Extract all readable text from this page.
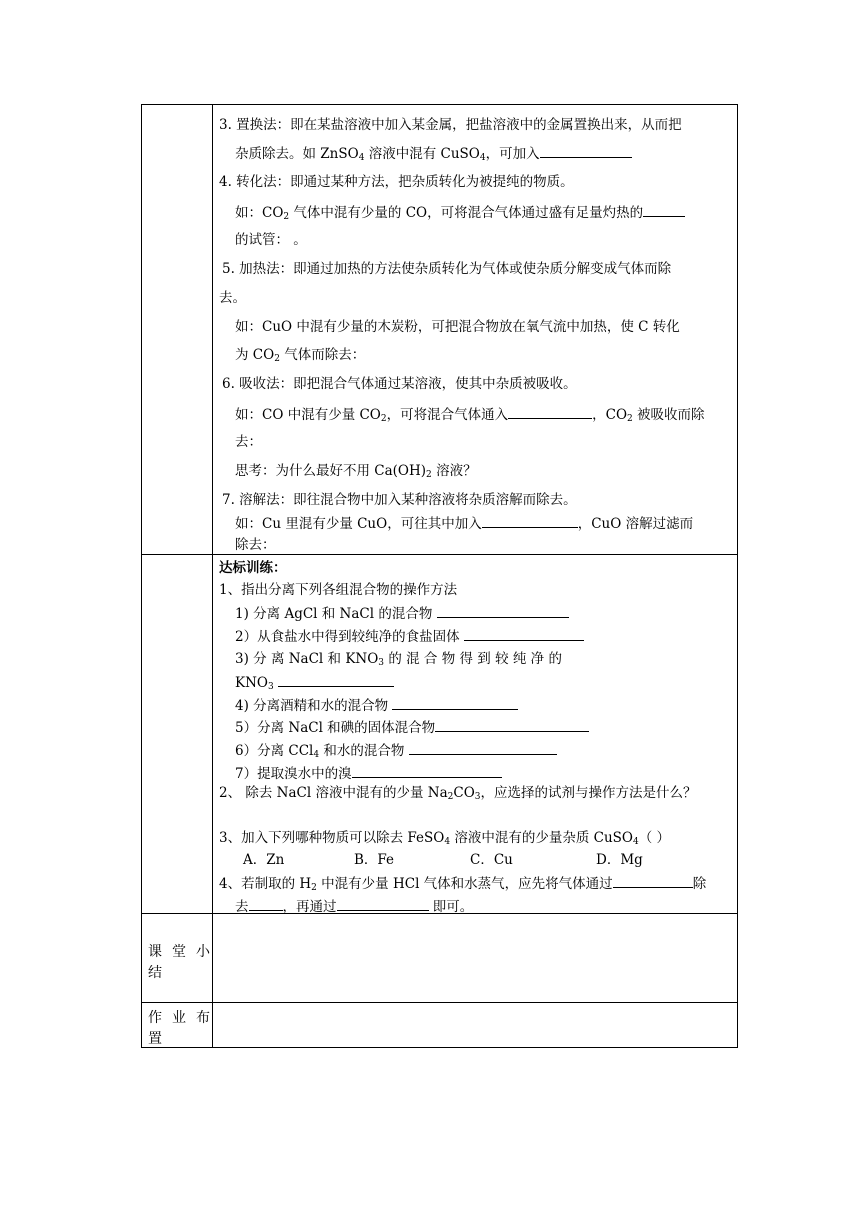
3. 置换法：即在某盐溶液中加入某金属，把盐溶液中的金属置换出来，从而把
杂质除去。如 ZnSO$_4$ 溶液中混有 CuSO$_4$，可加入
4. 转化法：即通过某种方法，把杂质转化为被提纯的物质。
如：$CO_2$ 气体中混有少量的 CO，可将混合气体通过盛有足量灼热的
的试管： 。
5. 加热法：即通过加热的方法使杂质转化为气体或使杂质分解变成气体而除
去。
如：CuO 中混有少量的木炭粉，可把混合物放在氧气流中加热，使 C 转化
为 $CO_2$ 气体而除去：
6. 吸收法：即把混合气体通过某溶液，使其中杂质被吸收。
如：CO 中混有少量 $CO_2$，可将混合气体通入	，$CO_2$ 被吸收而除
去：
思考：为什么最好不用 $Ca(OH)_2$ 溶液？
7. 溶解法：即往混合物中加入某种溶液将杂质溶解而除去。
如：Cu 里混有少量 CuO，可往其中加入	，CuO 溶解过滤而
除去：
达标训练：
1、指出分离下列各组混合物的操作方法
1) 分离 AgCl 和 NaCl 的混合物
2）从食盐水中得到较纯净的食盐固体
3) 分 离 NaCl 和 $KNO_3$ 的 混 合 物 得 到 较 纯 净 的
$KNO_3$
4) 分离酒精和水的混合物
5）分离 NaCl 和碘的固体混合物
6）分离 CCl$_4$ 和水的混合物
7）提取溴水中的溴
2、 除去 NaCl 溶液中混有的少量 $Na_2CO_3$，应选择的试剂与操作方法是什么？
3、加入下列哪种物质可以除去 FeSO$_4$ 溶液中混有的少量杂质 CuSO$_4$（ ）
A．Zn	B．Fe	C．Cu	D．Mg
4、若制取的 $H_2$ 中混有少量 HCl 气体和水蒸气，应先将气体通过	除
去	，再通过	即可。
课堂小
结
作业布
置
